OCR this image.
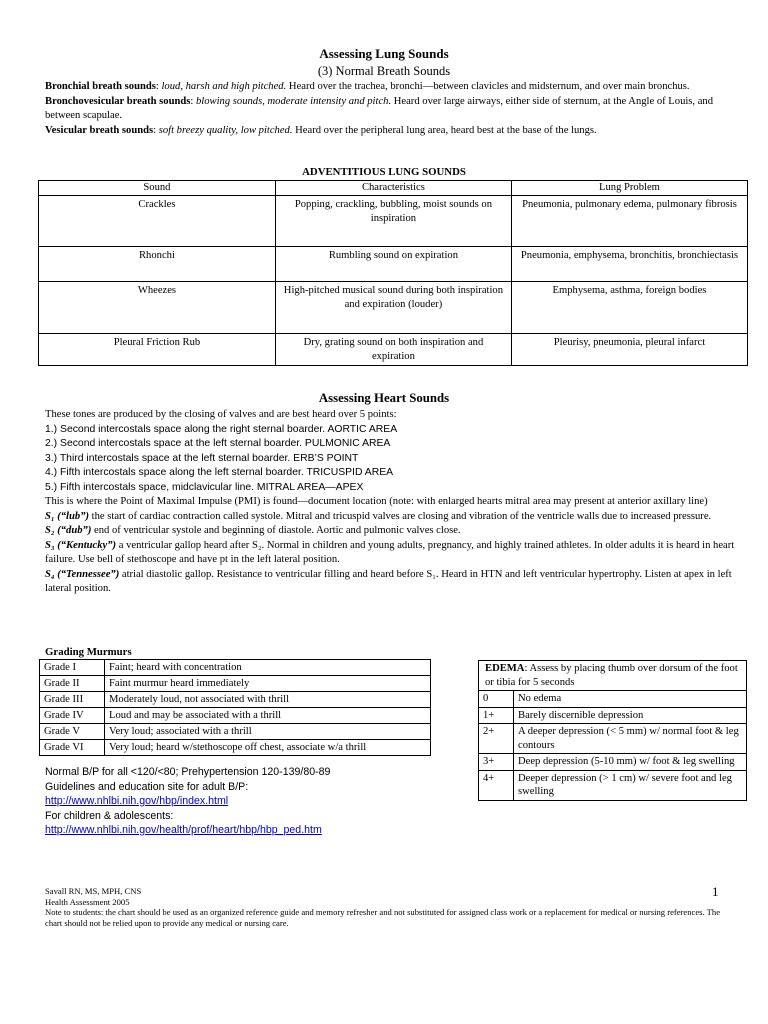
Assessing Lung Sounds
(3) Normal Breath Sounds

Bronchial breath sounds: loud, harsh and high pitched. Heard over the trachea, bronchi—between clavicles and midsternum, and over main bronchus.

Bronchovesicular breath sounds: blowing sounds, moderate intensity and pitch. Heard over large airways, either side of sternum, at the Angle of Louis, and between scapulae.

Vesicular breath sounds: soft breezy quality, low pitched. Heard over the peripheral lung area, heard best at the base of the lungs.

ADVENTITIOUS LUNG SOUNDS
Sound	Characteristics	Lung Problem
Crackles	Popping, crackling, bubbling, moist sounds on inspiration	Pneumonia, pulmonary edema, pulmonary fibrosis
Rhonchi	Rumbling sound on expiration	Pneumonia, emphysema, bronchitis, bronchiectasis
Wheezes	High-pitched musical sound during both inspiration and expiration (louder)	Emphysema, asthma, foreign bodies
Pleural Friction Rub	Dry, grating sound on both inspiration and expiration	Pleurisy, pneumonia, pleural infarct
Assessing Heart Sounds

These tones are produced by the closing of valves and are best heard over 5 points:

1.) Second intercostals space along the right sternal boarder. AORTIC AREA

2.) Second intercostals space at the left sternal boarder. PULMONIC AREA

3.) Third intercostals space at the left sternal boarder. ERB’S POINT

4.) Fifth intercostals space along the left sternal boarder. TRICUSPID AREA

5.) Fifth intercostals space, midclavicular line. MITRAL AREA—APEX

This is where the Point of Maximal Impulse (PMI) is found—document location (note: with enlarged hearts mitral area may present at anterior axillary line)

S₁ (“lub”) the start of cardiac contraction called systole. Mitral and tricuspid valves are closing and vibration of the ventricle walls due to increased pressure.

S₂ (“dub”) end of ventricular systole and beginning of diastole. Aortic and pulmonic valves close.

S₃ (“Kentucky”) a ventricular gallop heard after S₂. Normal in children and young adults, pregnancy, and highly trained athletes. In older adults it is heard in heart failure. Use bell of stethoscope and have pt in the left lateral position.

S₄ (“Tennessee”) atrial diastolic gallop. Resistance to ventricular filling and heard before S₁. Heard in HTN and left ventricular hypertrophy. Listen at apex in left lateral position.

Grading Murmurs
Grade I	Faint; heard with concentration
Grade II	Faint murmur heard immediately
Grade III	Moderately loud, not associated with thrill
Grade IV	Loud and may be associated with a thrill
Grade V	Very loud; associated with a thrill
Grade VI	Very loud; heard w/stethoscope off chest, associate w/a thrill

Normal B/P for all <120/<80; Prehypertension 120-139/80-89

Guidelines and education site for adult B/P:

http://www.nhlbi.nih.gov/hbp/index.html

For children & adolescents:

http://www.nhlbi.nih.gov/health/prof/heart/hbp/hbp_ped.htm

EDEMA: Assess by placing thumb over dorsum of the foot or tibia for 5 seconds	
0	No edema
1+	Barely discernible depression
2+	A deeper depression (< 5 mm) w/ normal foot & leg contours
3+	Deep depression (5-10 mm) w/ foot & leg swelling
4+	Deeper depression (> 1 cm) w/ severe foot and leg swelling

Savall RN, MS, MPH, CNS

Health Assessment 2005

Note to students: the chart should be used as an organized reference guide and memory refresher and not substituted for assigned class work or a replacement for medical or nursing references. The chart should not be relied upon to provide any medical or nursing care.

1
